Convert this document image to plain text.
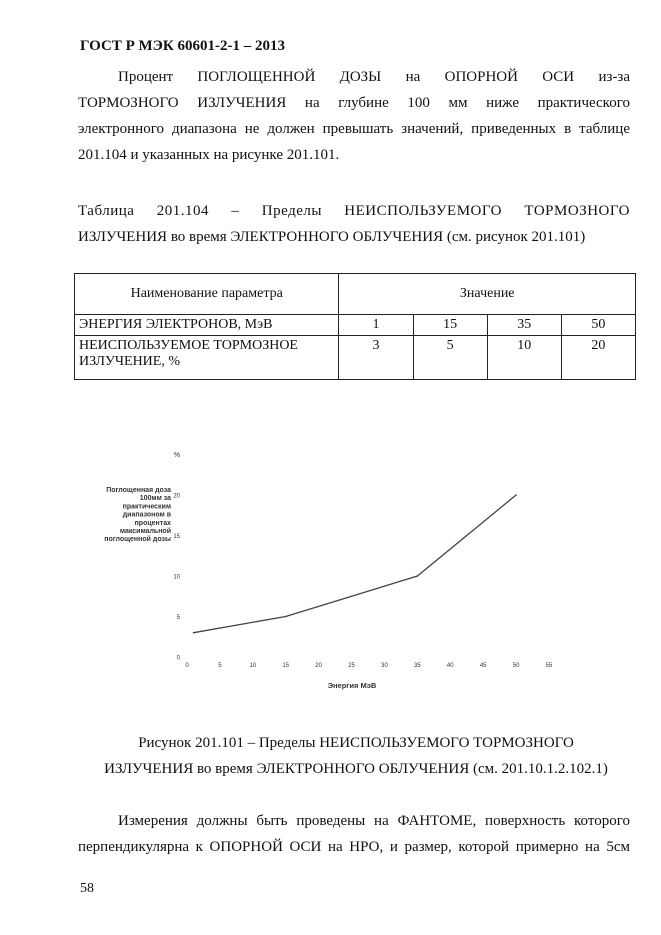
ГОСТ Р МЭК 60601-2-1 – 2013
Процент ПОГЛОЩЕННОЙ ДОЗЫ на ОПОРНОЙ ОСИ из-за
ТОРМОЗНОГО ИЗЛУЧЕНИЯ на глубине 100 мм ниже практического
электронного диапазона не должен превышать значений, приведенных в таблице
201.104 и указанных на рисунке 201.101.
Таблица 201.104 – Пределы НЕИСПОЛЬЗУЕМОГО ТОРМОЗНОГО
ИЗЛУЧЕНИЯ во время ЭЛЕКТРОННОГО ОБЛУЧЕНИЯ (см. рисунок 201.101)
Наименование параметра	Значение			
ЭНЕРГИЯ ЭЛЕКТРОНОВ, МэВ	1	15	35	50
НЕИСПОЛЬЗУЕМОЕ ТОРМОЗНОЕ ИЗЛУЧЕНИЕ, %	3	5	10	20
%
Поглощенная доза
100мм за
практическим
диапазоном в
процентах
максимальной
поглощенной дозы
0
5
10
15
20
0	5	10	15	20	25	30	35	40	45	50	55
Энергия МэВ
Рисунок 201.101 – Пределы НЕИСПОЛЬЗУЕМОГО ТОРМОЗНОГО
ИЗЛУЧЕНИЯ во время ЭЛЕКТРОННОГО ОБЛУЧЕНИЯ (см. 201.10.1.2.102.1)
Измерения должны быть проведены на ФАНТОМЕ, поверхность которого
перпендикулярна к ОПОРНОЙ ОСИ на НРО, и размер, которой примерно на 5см
58
